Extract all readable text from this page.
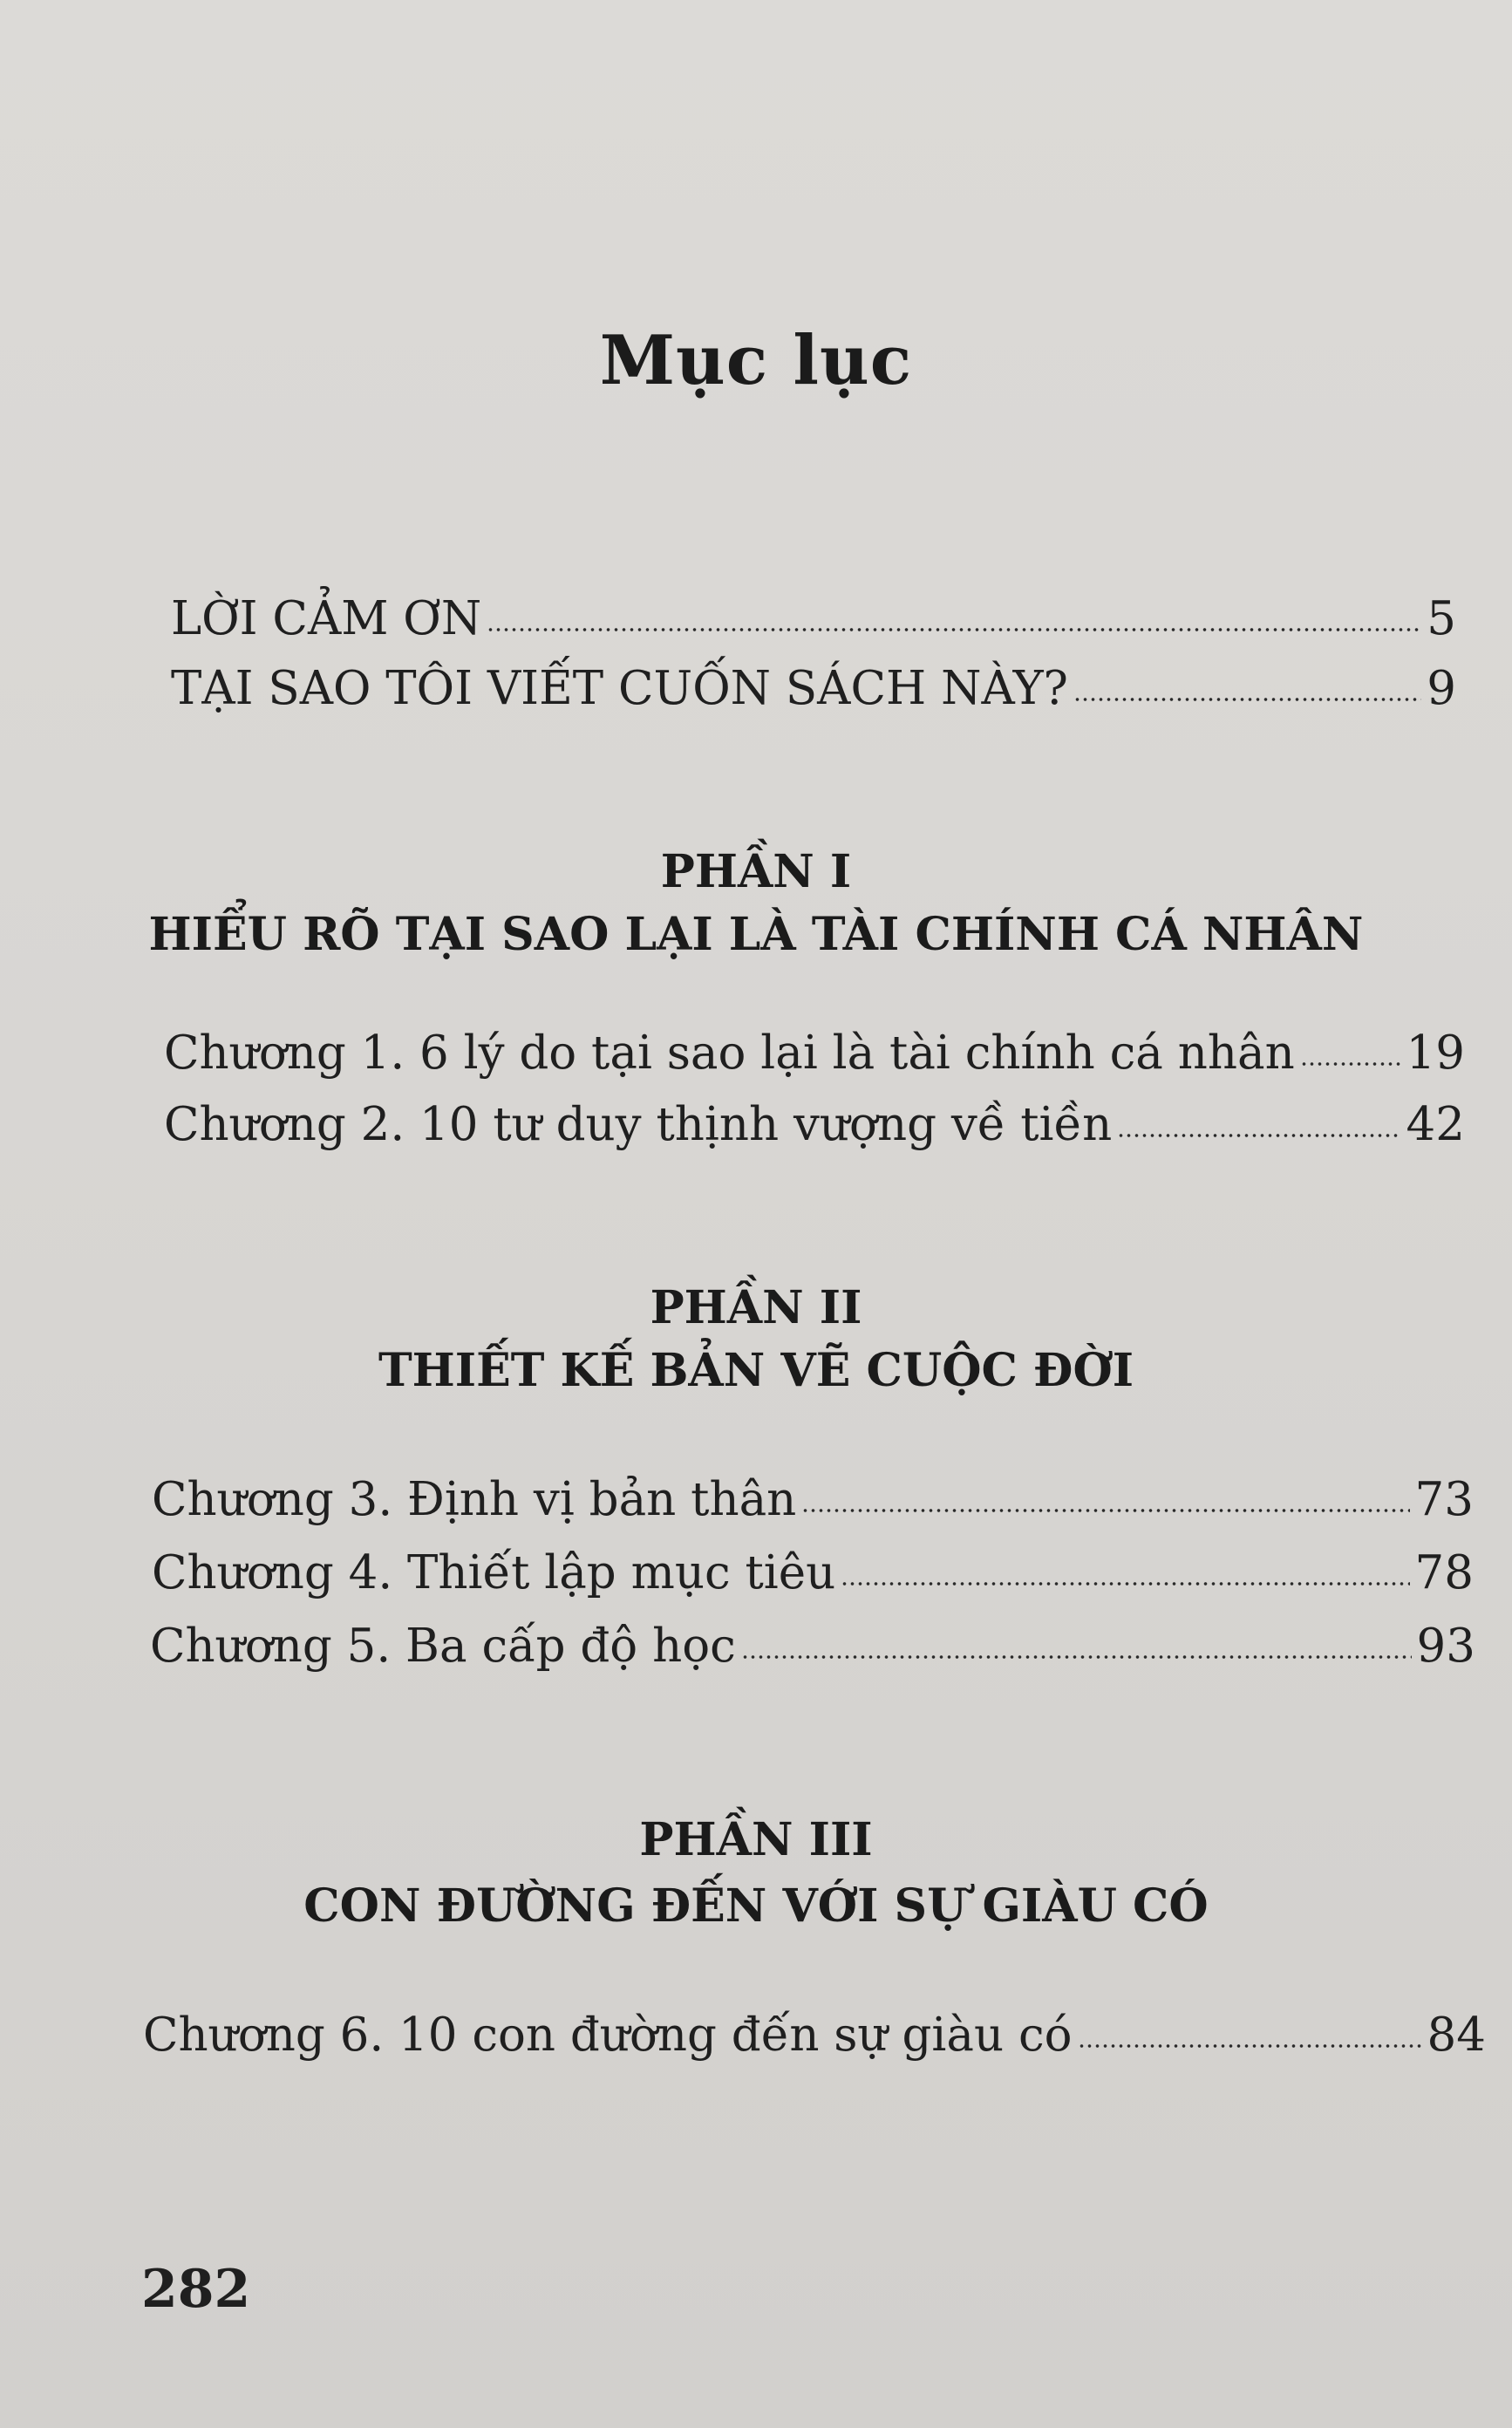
Mục lục
LỜI CẢM ƠN	5
TẠI SAO TÔI VIẾT CUỐN SÁCH NÀY?	9
PHẦN I
HIỂU RÕ TẠI SAO LẠI LÀ TÀI CHÍNH CÁ NHÂN
Chương 1. 6 lý do tại sao lại là tài chính cá nhân 19
Chương 2. 10 tư duy thịnh vượng về tiền	42
PHẦN II
THIẾT KẾ BẢN VẼ CUỘC ĐỜI
Chương 3. Định vị bản thân	73
Chương 4. Thiết lập mục tiêu	78
Chương 5. Ba cấp độ học	93
PHẦN III
CON ĐƯỜNG ĐẾN VỚI SỰ GIÀU CÓ
Chương 6. 10 con đường đến sự giàu có	84
282
